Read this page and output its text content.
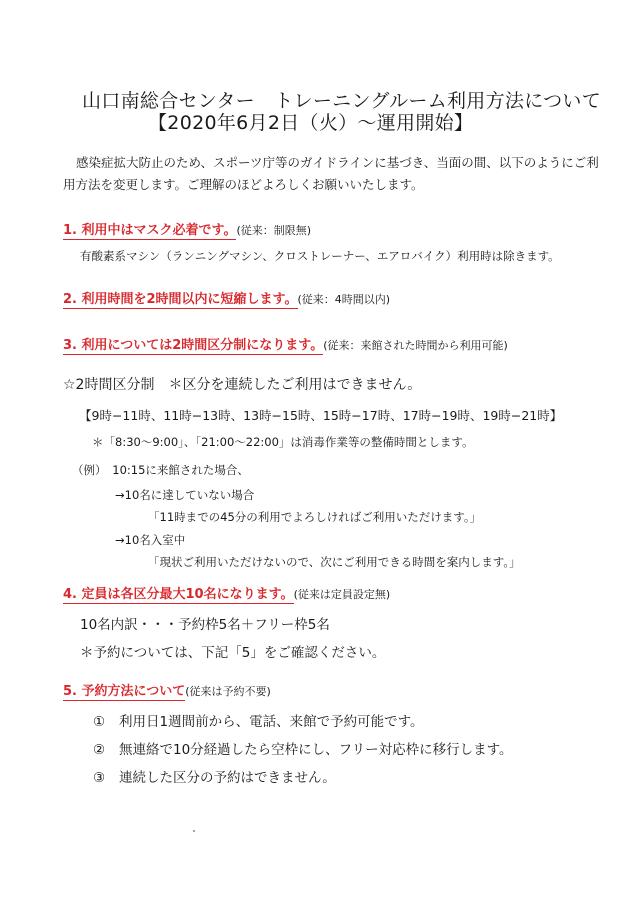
山口南総合センター　トレーニングルーム利用方法について
【2020年6月2日（火）〜運用開始】
感染症拡大防止のため、スポーツ庁等のガイドラインに基づき、当面の間、以下のようにご利
用方法を変更します。ご理解のほどよろしくお願いいたします。
1. 利用中はマスク必着です。(従来：制限無)
有酸素系マシン（ランニングマシン、クロストレーナー、エアロバイク）利用時は除きます。
2. 利用時間を2時間以内に短縮します。(従来：4時間以内)
3. 利用については2時間区分制になります。(従来：来館された時間から利用可能)
☆2時間区分制　＊区分を連続したご利用はできません。
【9時−11時、11時−13時、13時−15時、15時−17時、17時−19時、19時−21時】
＊「8:30〜9:00」、「21:00〜22:00」は消毒作業等の整備時間とします。
（例）　10:15に来館された場合、
→10名に達していない場合
「11時までの45分の利用でよろしければご利用いただけます。」
→10名入室中
「現状ご利用いただけないので、次にご利用できる時間を案内します。」
4. 定員は各区分最大10名になります。(従来は定員設定無)
10名内訳・・・予約枠5名＋フリー枠5名
＊予約については、下記「5」をご確認ください。
5. 予約方法について(従来は予約不要)
① 利用日1週間前から、電話、来館で予約可能です。
② 無連絡で10分経過したら空枠にし、フリー対応枠に移行します。
③ 連続した区分の予約はできません。
